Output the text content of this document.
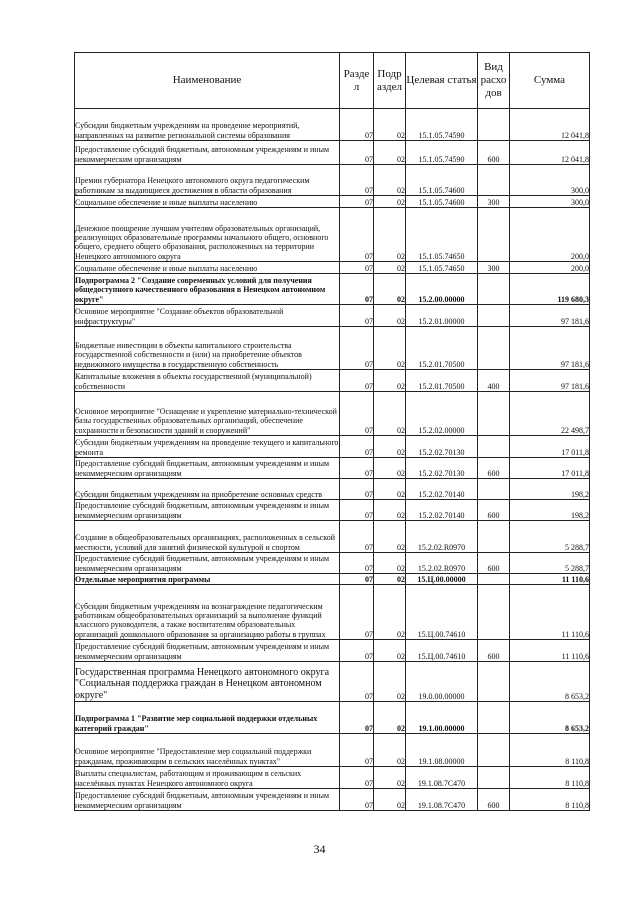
Наименование	Разде л	Подр аздел	Целевая статья	Вид расхо дов	Сумма
Субсидии бюджетным учреждениям на проведение мероприятий, направленных на развитие региональной системы образования	07	02	15.1.05.74590		12 041,8
Предоставление субсидий бюджетным, автономным учреждениям и иным некоммерческим организациям	07	02	15.1.05.74590	600	12 041,8
Премии губернатора Ненецкого автономного округа педагогическим работникам за выдающиеся достижения в области образования	07	02	15.1.05.74600		300,0
Социальное обеспечение и иные выплаты населению	07	02	15.1.05.74600	300	300,0
Денежное поощрение лучшим учителям образовательных организаций, реализующих образовательные программы начального общего, основного общего, среднего общего образования, расположенных на территории Ненецкого автономного округа	07	02	15.1.05.74650		200,0
Социальное обеспечение и иные выплаты населению	07	02	15.1.05.74650	300	200,0
Подпрограмма 2 "Создание современных условий для получения общедоступного качественного образования в Ненецком автономном округе"	07	02	15.2.00.00000		119 680,3
Основное мероприятие "Создание объектов образовательной инфраструктуры"	07	02	15.2.01.00000		97 181,6
Бюджетные инвестиции в объекты капитального строительства государственной собственности и (или) на приобретение объектов недвижимого имущества в государственную собственность	07	02	15.2.01.70500		97 181,6
Капитальные вложения в объекты государственной (муниципальной) собственности	07	02	15.2.01.70500	400	97 181,6
Основное мероприятие "Оснащение и укрепление материально-технической базы государственных образовательных организаций, обеспечение сохранности и безопасности зданий и сооружений"	07	02	15.2.02.00000		22 498,7
Субсидии бюджетным учреждениям на проведение текущего и капитального ремонта	07	02	15.2.02.70130		17 011,8
Предоставление субсидий бюджетным, автономным учреждениям и иным некоммерческим организациям	07	02	15.2.02.70130	600	17 011,8
Субсидии бюджетным учреждениям на приобретение основных средств	07	02	15.2.02.70140		198,2
Предоставление субсидий бюджетным, автономным учреждениям и иным некоммерческим организациям	07	02	15.2.02.70140	600	198,2
Создание в общеобразовательных организациях, расположенных в сельской местности, условий для занятий физической культурой и спортом	07	02	15.2.02.R0970		5 288,7
Предоставление субсидий бюджетным, автономным учреждениям и иным некоммерческим организациям	07	02	15.2.02.R0970	600	5 288,7
Отдельные мероприятия программы	07	02	15.Ц.00.00000		11 110,6
Субсидии бюджетным учреждениям на вознаграждение педагогическим работникам общеобразовательных организаций за выполнение функций классного руководителя, а также воспитателям образовательных организаций дошкольного образования за организацию работы в группах	07	02	15.Ц.00.74610		11 110,6
Предоставление субсидий бюджетным, автономным учреждениям и иным некоммерческим организациям	07	02	15.Ц.00.74610	600	11 110,6
Государственная программа Ненецкого автономного округа "Социальная поддержка граждан в Ненецком автономном округе"	07	02	19.0.00.00000		8 653,2
Подпрограмма 1 "Развитие мер социальной поддержки отдельных категорий граждан"	07	02	19.1.00.00000		8 653,2
Основное мероприятие "Предоставление мер социальной поддержки гражданам, проживающим в сельских населённых пунктах"	07	02	19.1.08.00000		8 110,8
Выплаты специалистам, работающим и проживающим в сельских населённых пунктах Ненецкого автономного округа	07	02	19.1.08.7С470		8 110,8
Предоставление субсидий бюджетным, автономным учреждениям и иным некоммерческим организациям	07	02	19.1.08.7С470	600	8 110,8
34
